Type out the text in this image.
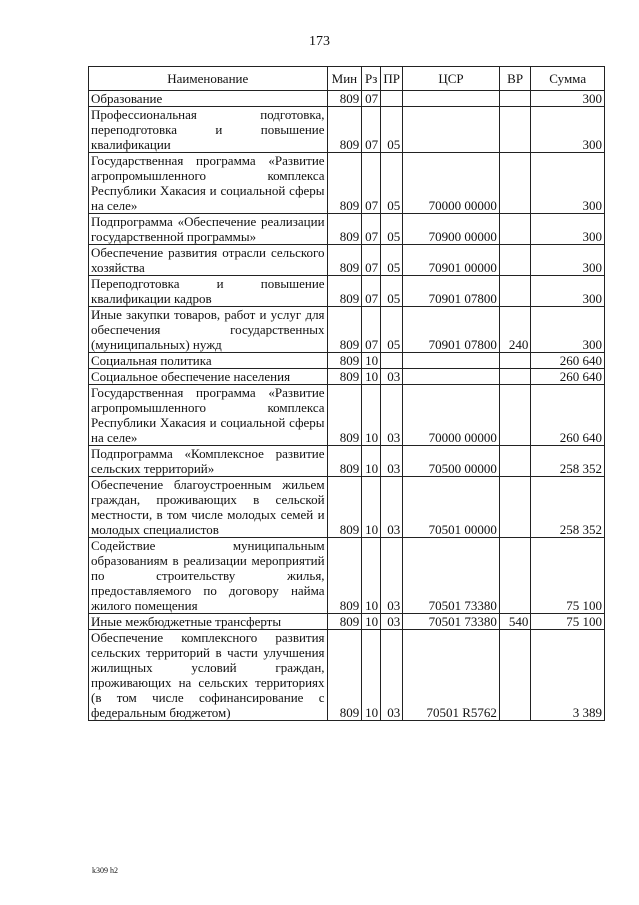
173
Наименование	Мин	Рз	ПР	ЦСР	ВР	Сумма
Образование	809	07				300
Профессиональная подготовка, переподготовка и повышение квалификации	809	07	05			300
Государственная программа «Развитие агропромышленного комплекса Республики Хакасия и социальной сферы на селе»	809	07	05	70000 00000		300
Подпрограмма «Обеспечение реализации государственной программы»	809	07	05	70900 00000		300
Обеспечение развития отрасли сельского хозяйства	809	07	05	70901 00000		300
Переподготовка и повышение квалификации кадров	809	07	05	70901 07800		300
Иные закупки товаров, работ и услуг для обеспечения государственных (муниципальных) нужд	809	07	05	70901 07800	240	300
Социальная политика	809	10				260 640
Социальное обеспечение населения	809	10	03			260 640
Государственная программа «Развитие агропромышленного комплекса Республики Хакасия и социальной сферы на селе»	809	10	03	70000 00000		260 640
Подпрограмма «Комплексное развитие сельских территорий»	809	10	03	70500 00000		258 352
Обеспечение благоустроенным жильем граждан, проживающих в сельской местности, в том числе молодых семей и молодых специалистов	809	10	03	70501 00000		258 352
Содействие муниципальным образованиям в реализации мероприятий по строительству жилья, предоставляемого по договору найма жилого помещения	809	10	03	70501 73380		75 100
Иные межбюджетные трансферты	809	10	03	70501 73380	540	75 100
Обеспечение комплексного развития сельских территорий в части улучшения жилищных условий граждан, проживающих на сельских территориях (в том числе софинансирование с федеральным бюджетом)	809	10	03	70501 R5762		3 389
k309 h2
